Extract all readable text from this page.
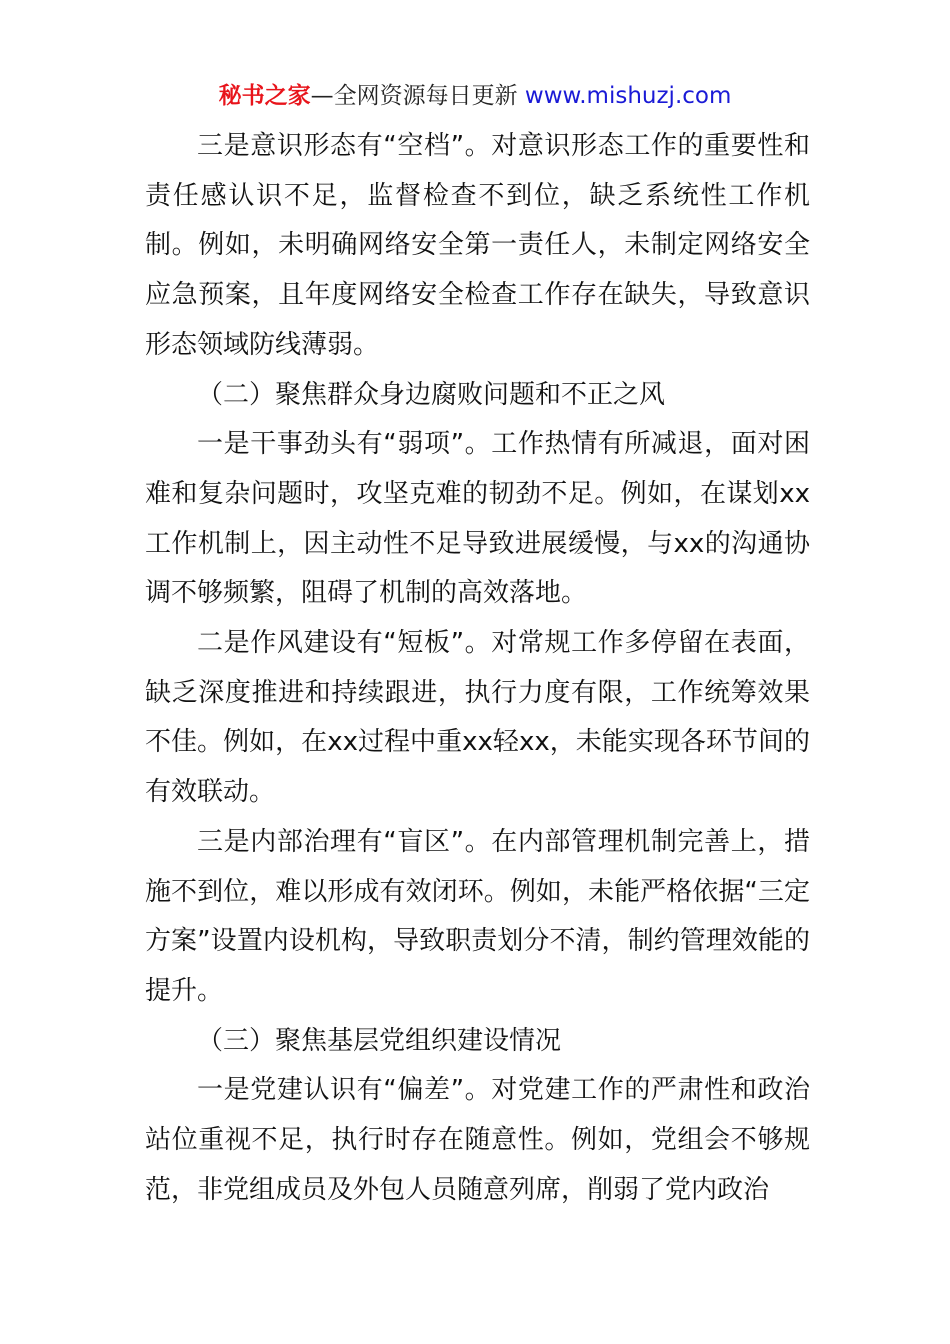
秘书之家—全网资源每日更新 www.mishuzj.com

三是意识形态有“空档”。对意识形态工作的重要性和责任感认识不足，监督检查不到位，缺乏系统性工作机制。例如，未明确网络安全第一责任人，未制定网络安全应急预案，且年度网络安全检查工作存在缺失，导致意识形态领域防线薄弱。

（二）聚焦群众身边腐败问题和不正之风

一是干事劲头有“弱项”。工作热情有所减退，面对困难和复杂问题时，攻坚克难的韧劲不足。例如，在谋划xx工作机制上，因主动性不足导致进展缓慢，与xx的沟通协调不够频繁，阻碍了机制的高效落地。

二是作风建设有“短板”。对常规工作多停留在表面，缺乏深度推进和持续跟进，执行力度有限，工作统筹效果不佳。例如，在xx过程中重xx轻xx，未能实现各环节间的有效联动。

三是内部治理有“盲区”。在内部管理机制完善上，措施不到位，难以形成有效闭环。例如，未能严格依据“三定方案”设置内设机构，导致职责划分不清，制约管理效能的提升。

（三）聚焦基层党组织建设情况

一是党建认识有“偏差”。对党建工作的严肃性和政治站位重视不足，执行时存在随意性。例如，党组会不够规范，非党组成员及外包人员随意列席，削弱了党内政治
